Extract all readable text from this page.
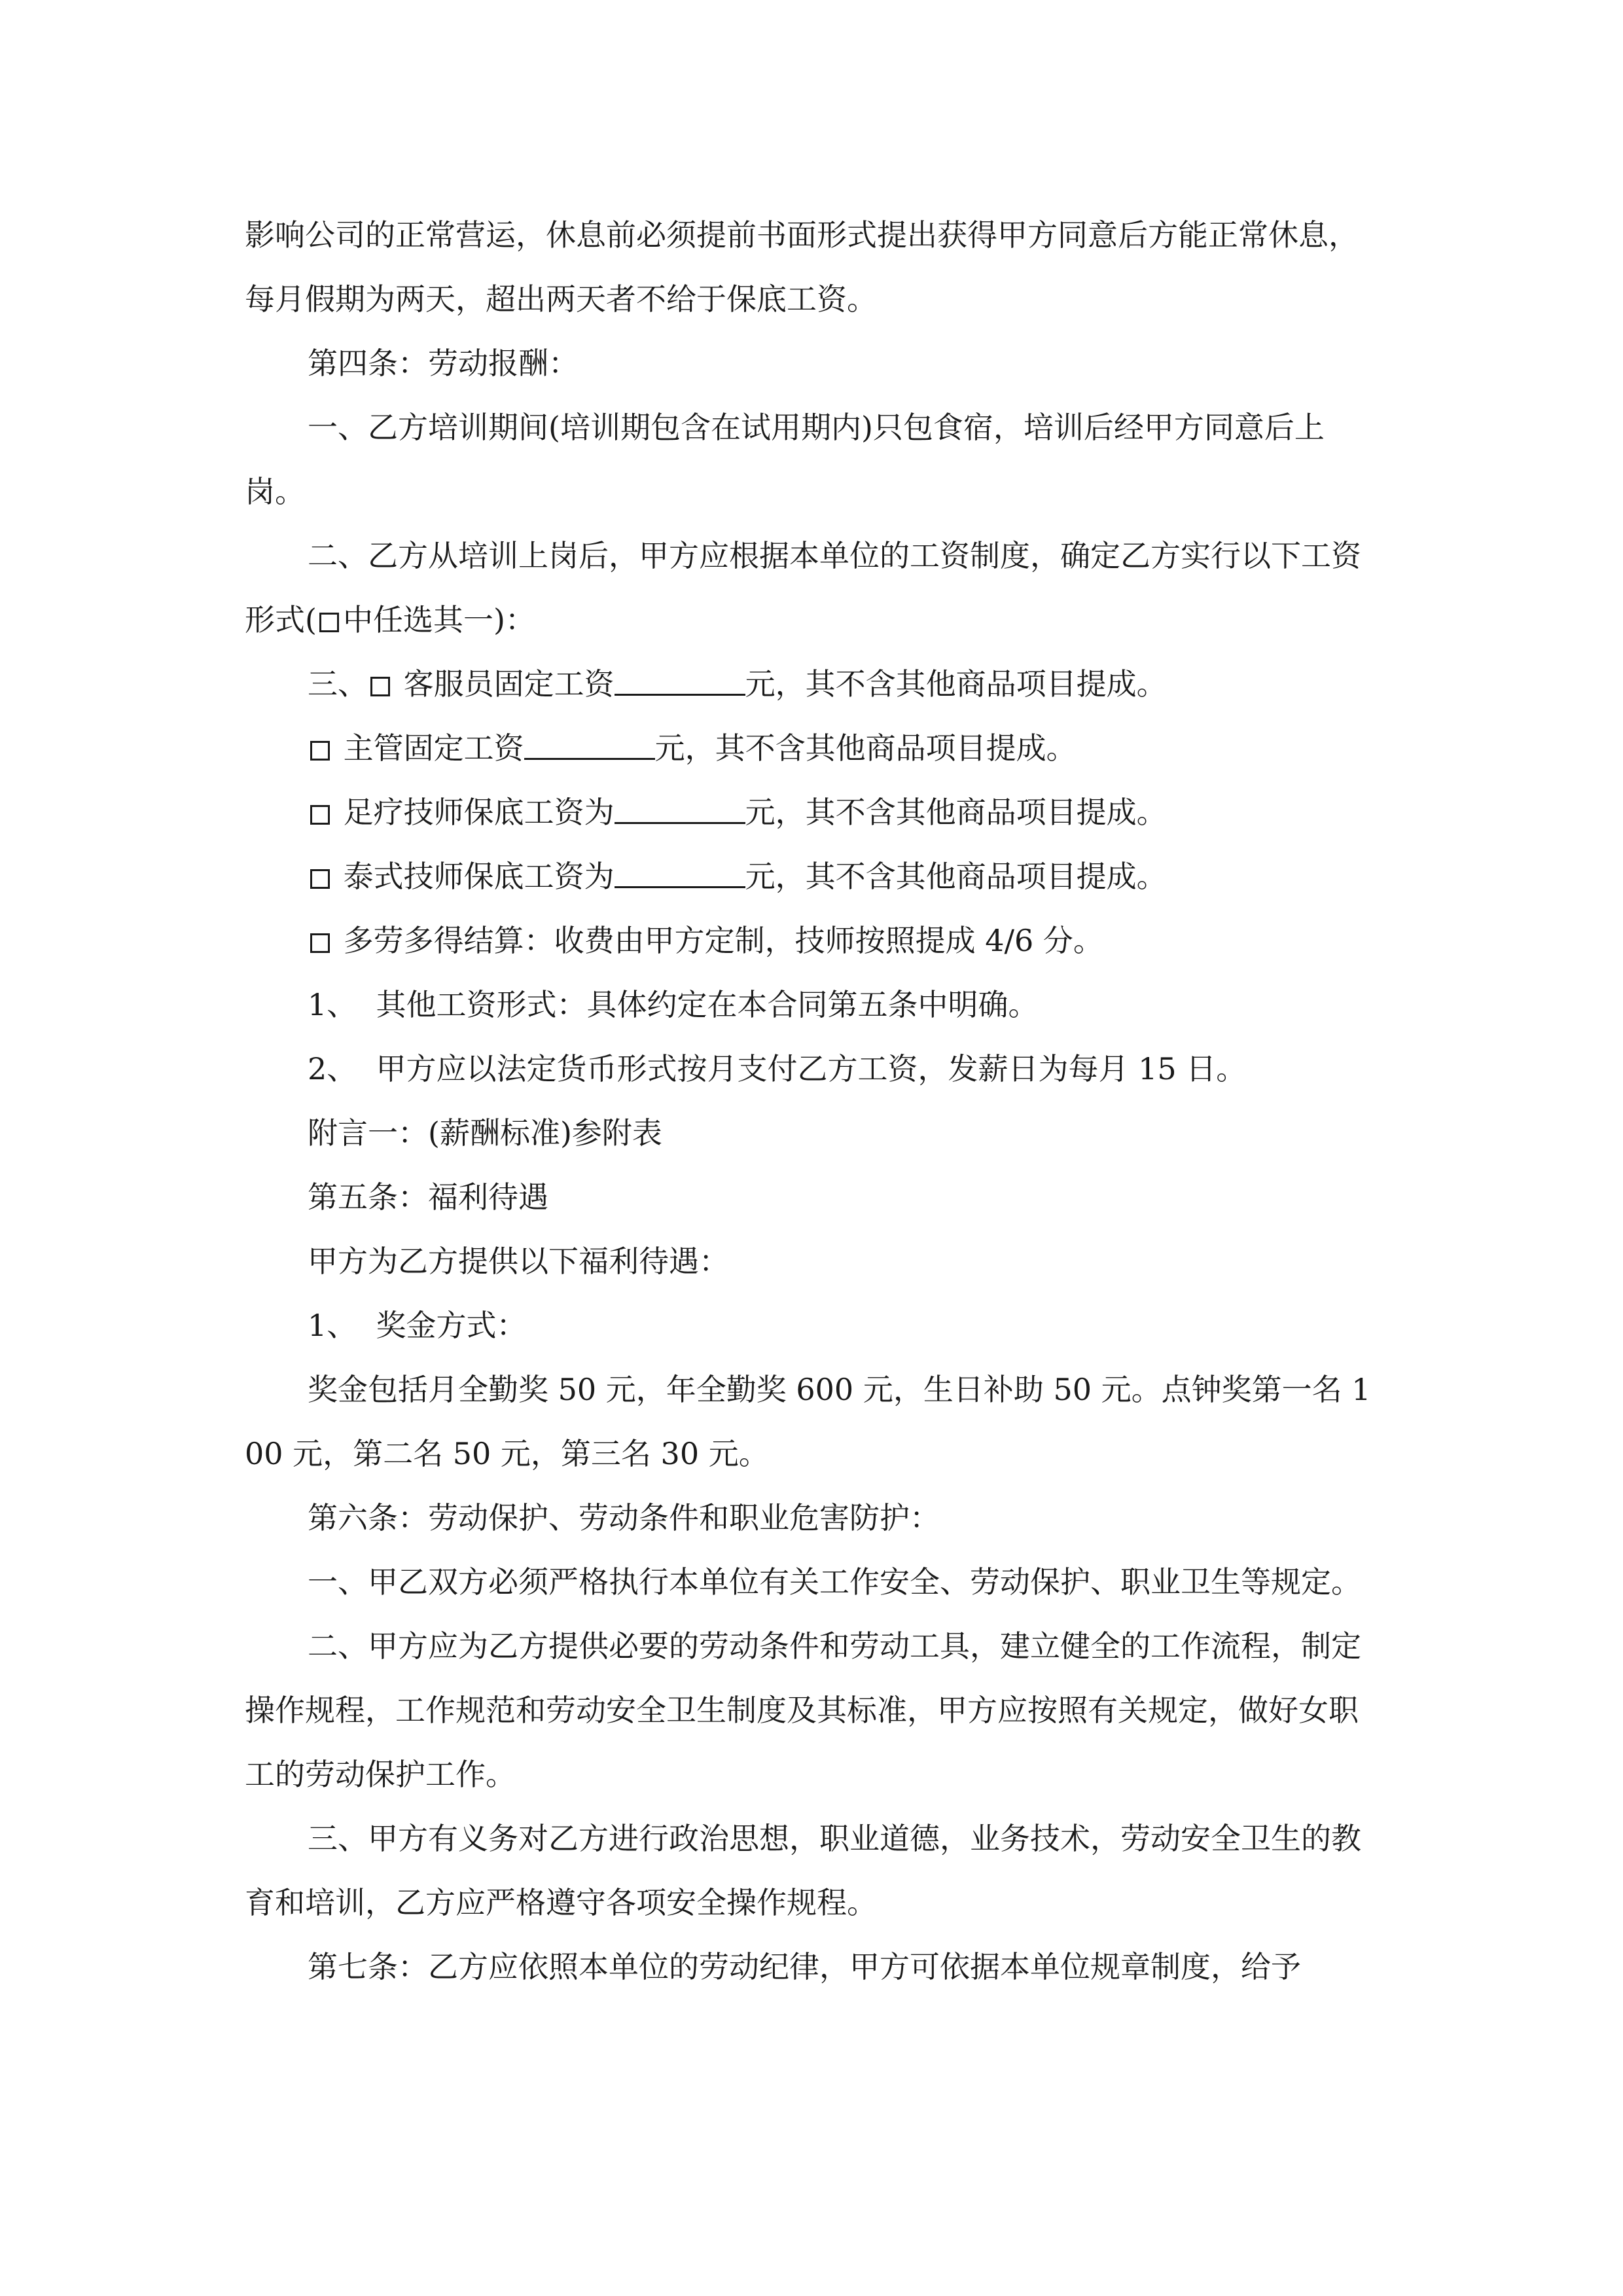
影响公司的正常营运，休息前必须提前书面形式提出获得甲方同意后方能正常休息，每月假期为两天，超出两天者不给于保底工资。

第四条：劳动报酬：

一、乙方培训期间(培训期包含在试用期内)只包食宿，培训后经甲方同意后上岗。

二、乙方从培训上岗后，甲方应根据本单位的工资制度，确定乙方实行以下工资形式( 中任选其一)：

三、 客服员固定工资	元，其不含其他商品项目提成。

主管固定工资	元，其不含其他商品项目提成。

足疗技师保底工资为	元，其不含其他商品项目提成。

泰式技师保底工资为	元，其不含其他商品项目提成。

多劳多得结算：收费由甲方定制，技师按照提成 4/6 分。

1、  其他工资形式：具体约定在本合同第五条中明确。

2、  甲方应以法定货币形式按月支付乙方工资，发薪日为每月 15 日。

附言一：(薪酬标准)参附表

第五条：福利待遇

甲方为乙方提供以下福利待遇：

1、  奖金方式：

奖金包括月全勤奖 50 元，年全勤奖 600 元，生日补助 50 元。点钟奖第一名 100 元，第二名 50 元，第三名 30 元。

第六条：劳动保护、劳动条件和职业危害防护：

一、甲乙双方必须严格执行本单位有关工作安全、劳动保护、职业卫生等规定。

二、甲方应为乙方提供必要的劳动条件和劳动工具，建立健全的工作流程，制定操作规程，工作规范和劳动安全卫生制度及其标准，甲方应按照有关规定，做好女职工的劳动保护工作。

三、甲方有义务对乙方进行政治思想，职业道德，业务技术，劳动安全卫生的教育和培训，乙方应严格遵守各项安全操作规程。

第七条：乙方应依照本单位的劳动纪律，甲方可依据本单位规章制度，给予
